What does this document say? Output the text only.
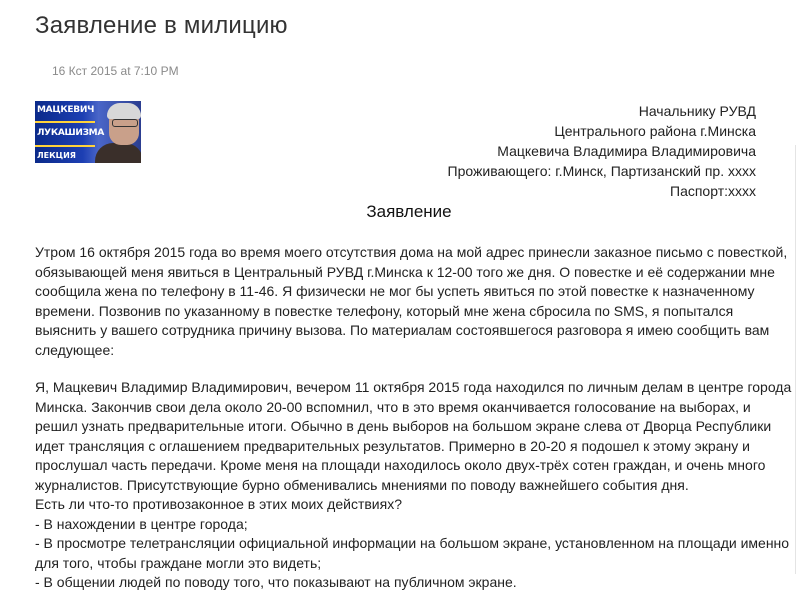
Заявление в милицию
16 Кст 2015 at 7:10 PM
МАЦКЕВИЧ
ЛУКАШИЗМА
ЛЕКЦИЯ
Начальнику РУВД
Центрального района г.Минска
Мацкевича Владимира Владимировича
Проживающего: г.Минск, Партизанский пр. хххх
Паспорт:хххх
Заявление

Утром 16 октября 2015 года во время моего отсутствия дома на мой адрес принесли заказное письмо с повесткой, обязывающей меня явиться в Центральный РУВД г.Минска к 12-00 того же дня. О повестке и её содержании мне сообщила жена по телефону в 11-46. Я физически не мог бы успеть явиться по этой повестке к назначенному времени. Позвонив по указанному в повестке телефону, который мне жена сбросила по SMS, я попытался выяснить у вашего сотрудника причину вызова. По материалам состоявшегося разговора я имею сообщить вам следующее:

Я, Мацкевич Владимир Владимирович, вечером 11 октября 2015 года находился по личным делам в центре города Минска. Закончив свои дела около 20-00 вспомнил, что в это время оканчивается голосование на выборах, и решил узнать предварительные итоги. Обычно в день выборов на большом экране слева от Дворца Республики идет трансляция с оглашением предварительных результатов. Примерно в 20-20 я подошел к этому экрану и прослушал часть передачи. Кроме меня на площади находилось около двух-трёх сотен граждан, и очень много журналистов. Присутствующие бурно обменивались мнениями по поводу важнейшего события дня.

Есть ли что-то противозаконное в этих моих действиях?

- В нахождении в центре города;

- В просмотре телетрансляции официальной информации на большом экране, установленном на площади именно для того, чтобы граждане могли это видеть;

- В общении людей по поводу того, что показывают на публичном экране.
